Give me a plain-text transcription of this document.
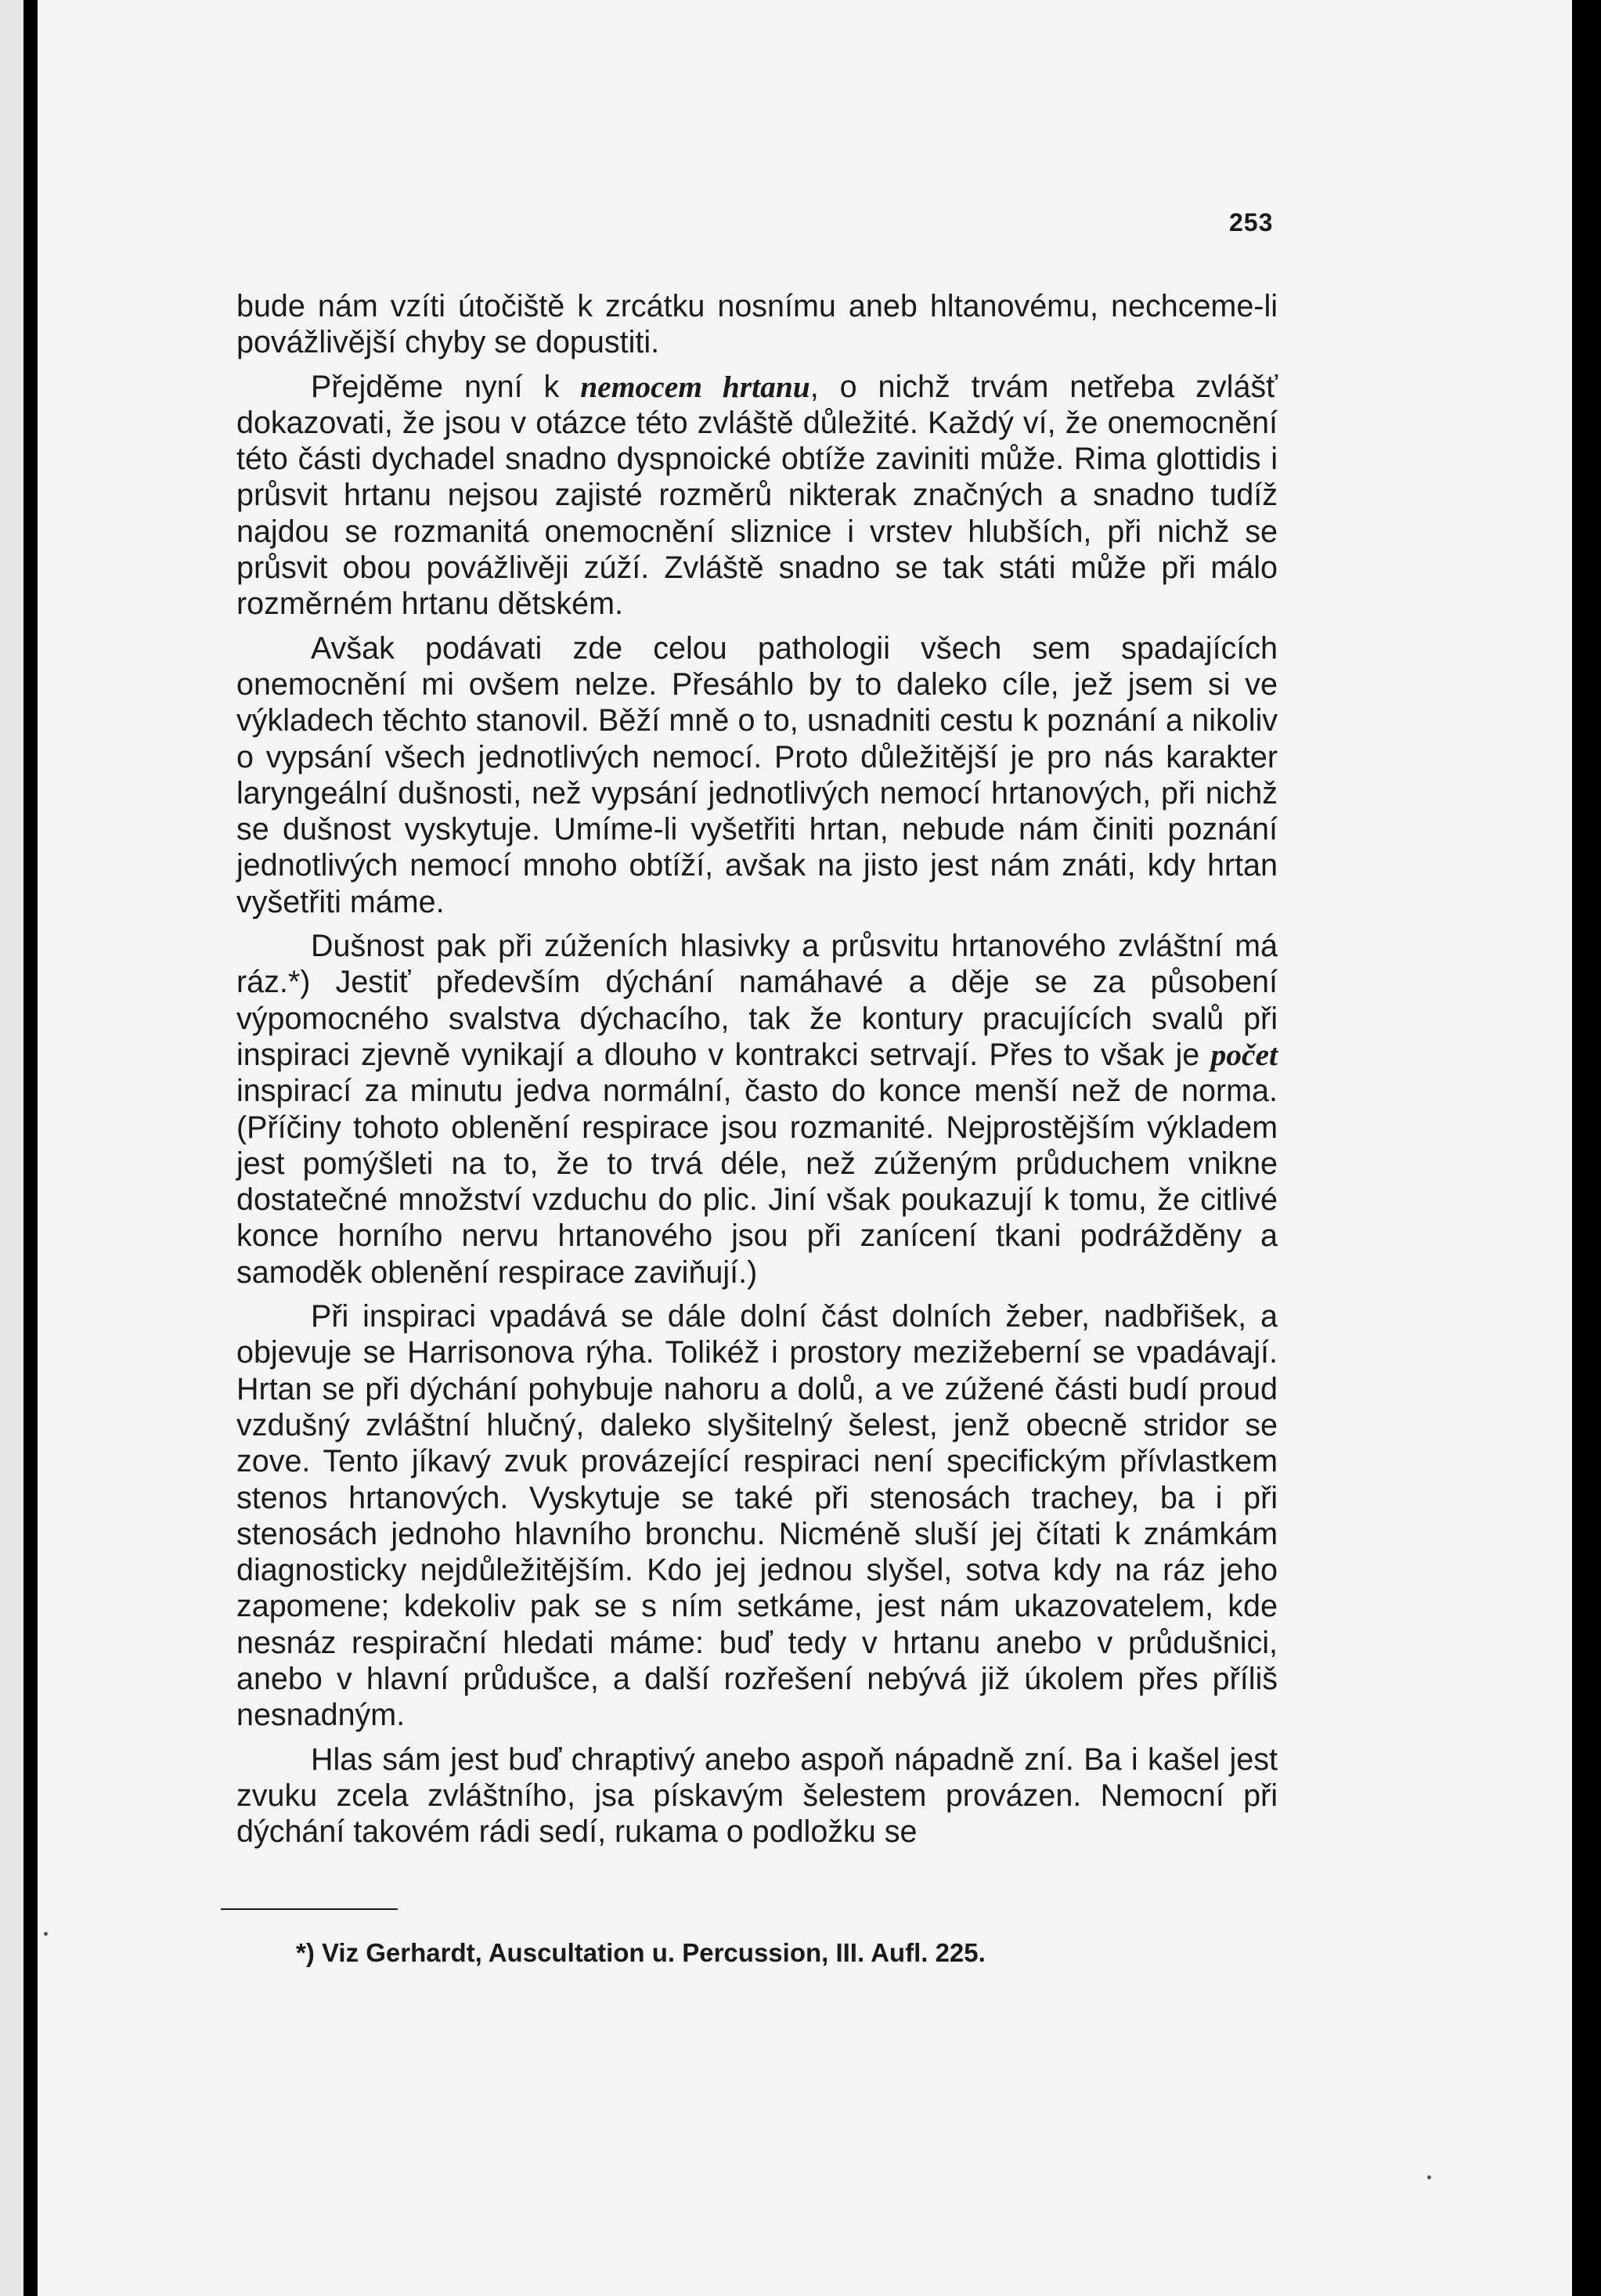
253

bude nám vzíti útočiště k zrcátku nosnímu aneb hltanovému, nechceme-li povážlivější chyby se dopustiti.

Přejděme nyní k nemocem hrtanu, o nichž trvám netřeba zvlášť dokazovati, že jsou v otázce této zvláště důležité. Každý ví, že onemocnění této části dychadel snadno dyspnoické obtíže zaviniti může. Rima glottidis i průsvit hrtanu nejsou zajisté rozměrů nikterak značných a snadno tudíž najdou se rozmanitá onemocnění sliznice i vrstev hlubších, při nichž se průsvit obou povážlivěji zúží. Zvláště snadno se tak státi může při málo rozměrném hrtanu dětském.

Avšak podávati zde celou pathologii všech sem spadajících onemocnění mi ovšem nelze. Přesáhlo by to daleko cíle, jež jsem si ve výkladech těchto stanovil. Běží mně o to, usnadniti cestu k poznání a nikoliv o vypsání všech jednotlivých nemocí. Proto důležitější je pro nás karakter laryngeální dušnosti, než vypsání jednotlivých nemocí hrtanových, při nichž se dušnost vyskytuje. Umíme-li vyšetřiti hrtan, nebude nám činiti poznání jednotlivých nemocí mnoho obtíží, avšak na jisto jest nám znáti, kdy hrtan vyšetřiti máme.

Dušnost pak při zúženích hlasivky a průsvitu hrtanového zvláštní má ráz.*) Jestiť především dýchání namáhavé a děje se za působení výpomocného svalstva dýchacího, tak že kontury pracujících svalů při inspiraci zjevně vynikají a dlouho v kontrakci setrvají. Přes to však je počet inspirací za minutu jedva normální, často do konce menší než de norma. (Příčiny tohoto oblenění respirace jsou rozmanité. Nejprostějším výkladem jest pomýšleti na to, že to trvá déle, než zúženým průduchem vnikne dostatečné množství vzduchu do plic. Jiní však poukazují k tomu, že citlivé konce horního nervu hrtanového jsou při zanícení tkani podrážděny a samoděk oblenění respirace zaviňují.)

Při inspiraci vpadává se dále dolní část dolních žeber, nadbřišek, a objevuje se Harrisonova rýha. Tolikéž i prostory mezižeberní se vpadávají. Hrtan se při dýchání pohybuje nahoru a dolů, a ve zúžené části budí proud vzdušný zvláštní hlučný, daleko slyšitelný šelest, jenž obecně stridor se zove. Tento jíkavý zvuk provázející respiraci není specifickým přívlastkem stenos hrtanových. Vyskytuje se také při stenosách trachey, ba i při stenosách jednoho hlavního bronchu. Nicméně sluší jej čítati k známkám diagnosticky nejdůležitějším. Kdo jej jednou slyšel, sotva kdy na ráz jeho zapomene; kdekoliv pak se s ním setkáme, jest nám ukazovatelem, kde nesnáz respirační hledati máme: buď tedy v hrtanu anebo v průdušnici, anebo v hlavní průdušce, a další rozřešení nebývá již úkolem přes příliš nesnadným.

Hlas sám jest buď chraptivý anebo aspoň nápadně zní. Ba i kašel jest zvuku zcela zvláštního, jsa pískavým šelestem provázen. Nemocní při dýchání takovém rádi sedí, rukama o podložku se

*) Viz Gerhardt, Auscultation u. Percussion, III. Aufl. 225.
